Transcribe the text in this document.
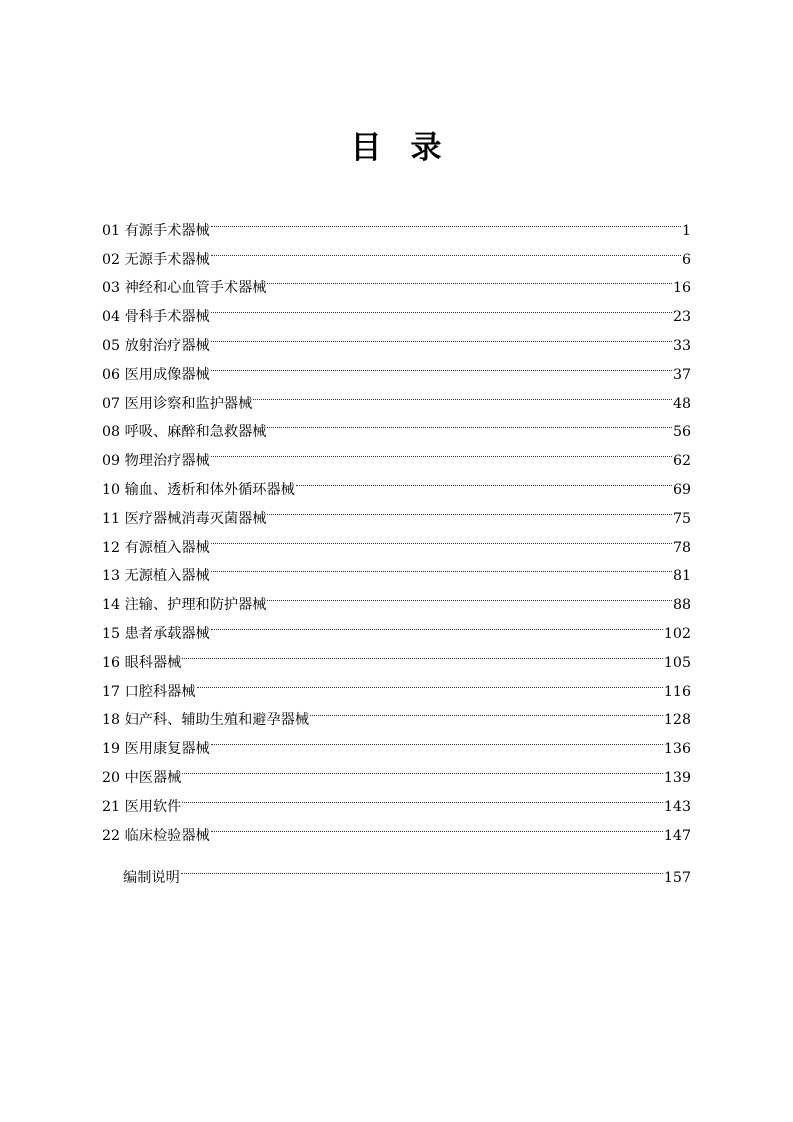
目 录
01 有源手术器械	1
02 无源手术器械	6
03 神经和心血管手术器械	16
04 骨科手术器械	23
05 放射治疗器械	33
06 医用成像器械	37
07 医用诊察和监护器械	48
08 呼吸、麻醉和急救器械	56
09 物理治疗器械	62
10 输血、透析和体外循环器械	69
11 医疗器械消毒灭菌器械	75
12 有源植入器械	78
13 无源植入器械	81
14 注输、护理和防护器械	88
15 患者承载器械	102
16 眼科器械	105
17 口腔科器械	116
18 妇产科、辅助生殖和避孕器械	128
19 医用康复器械	136
20 中医器械	139
21 医用软件	143
22 临床检验器械	147
编制说明	157
